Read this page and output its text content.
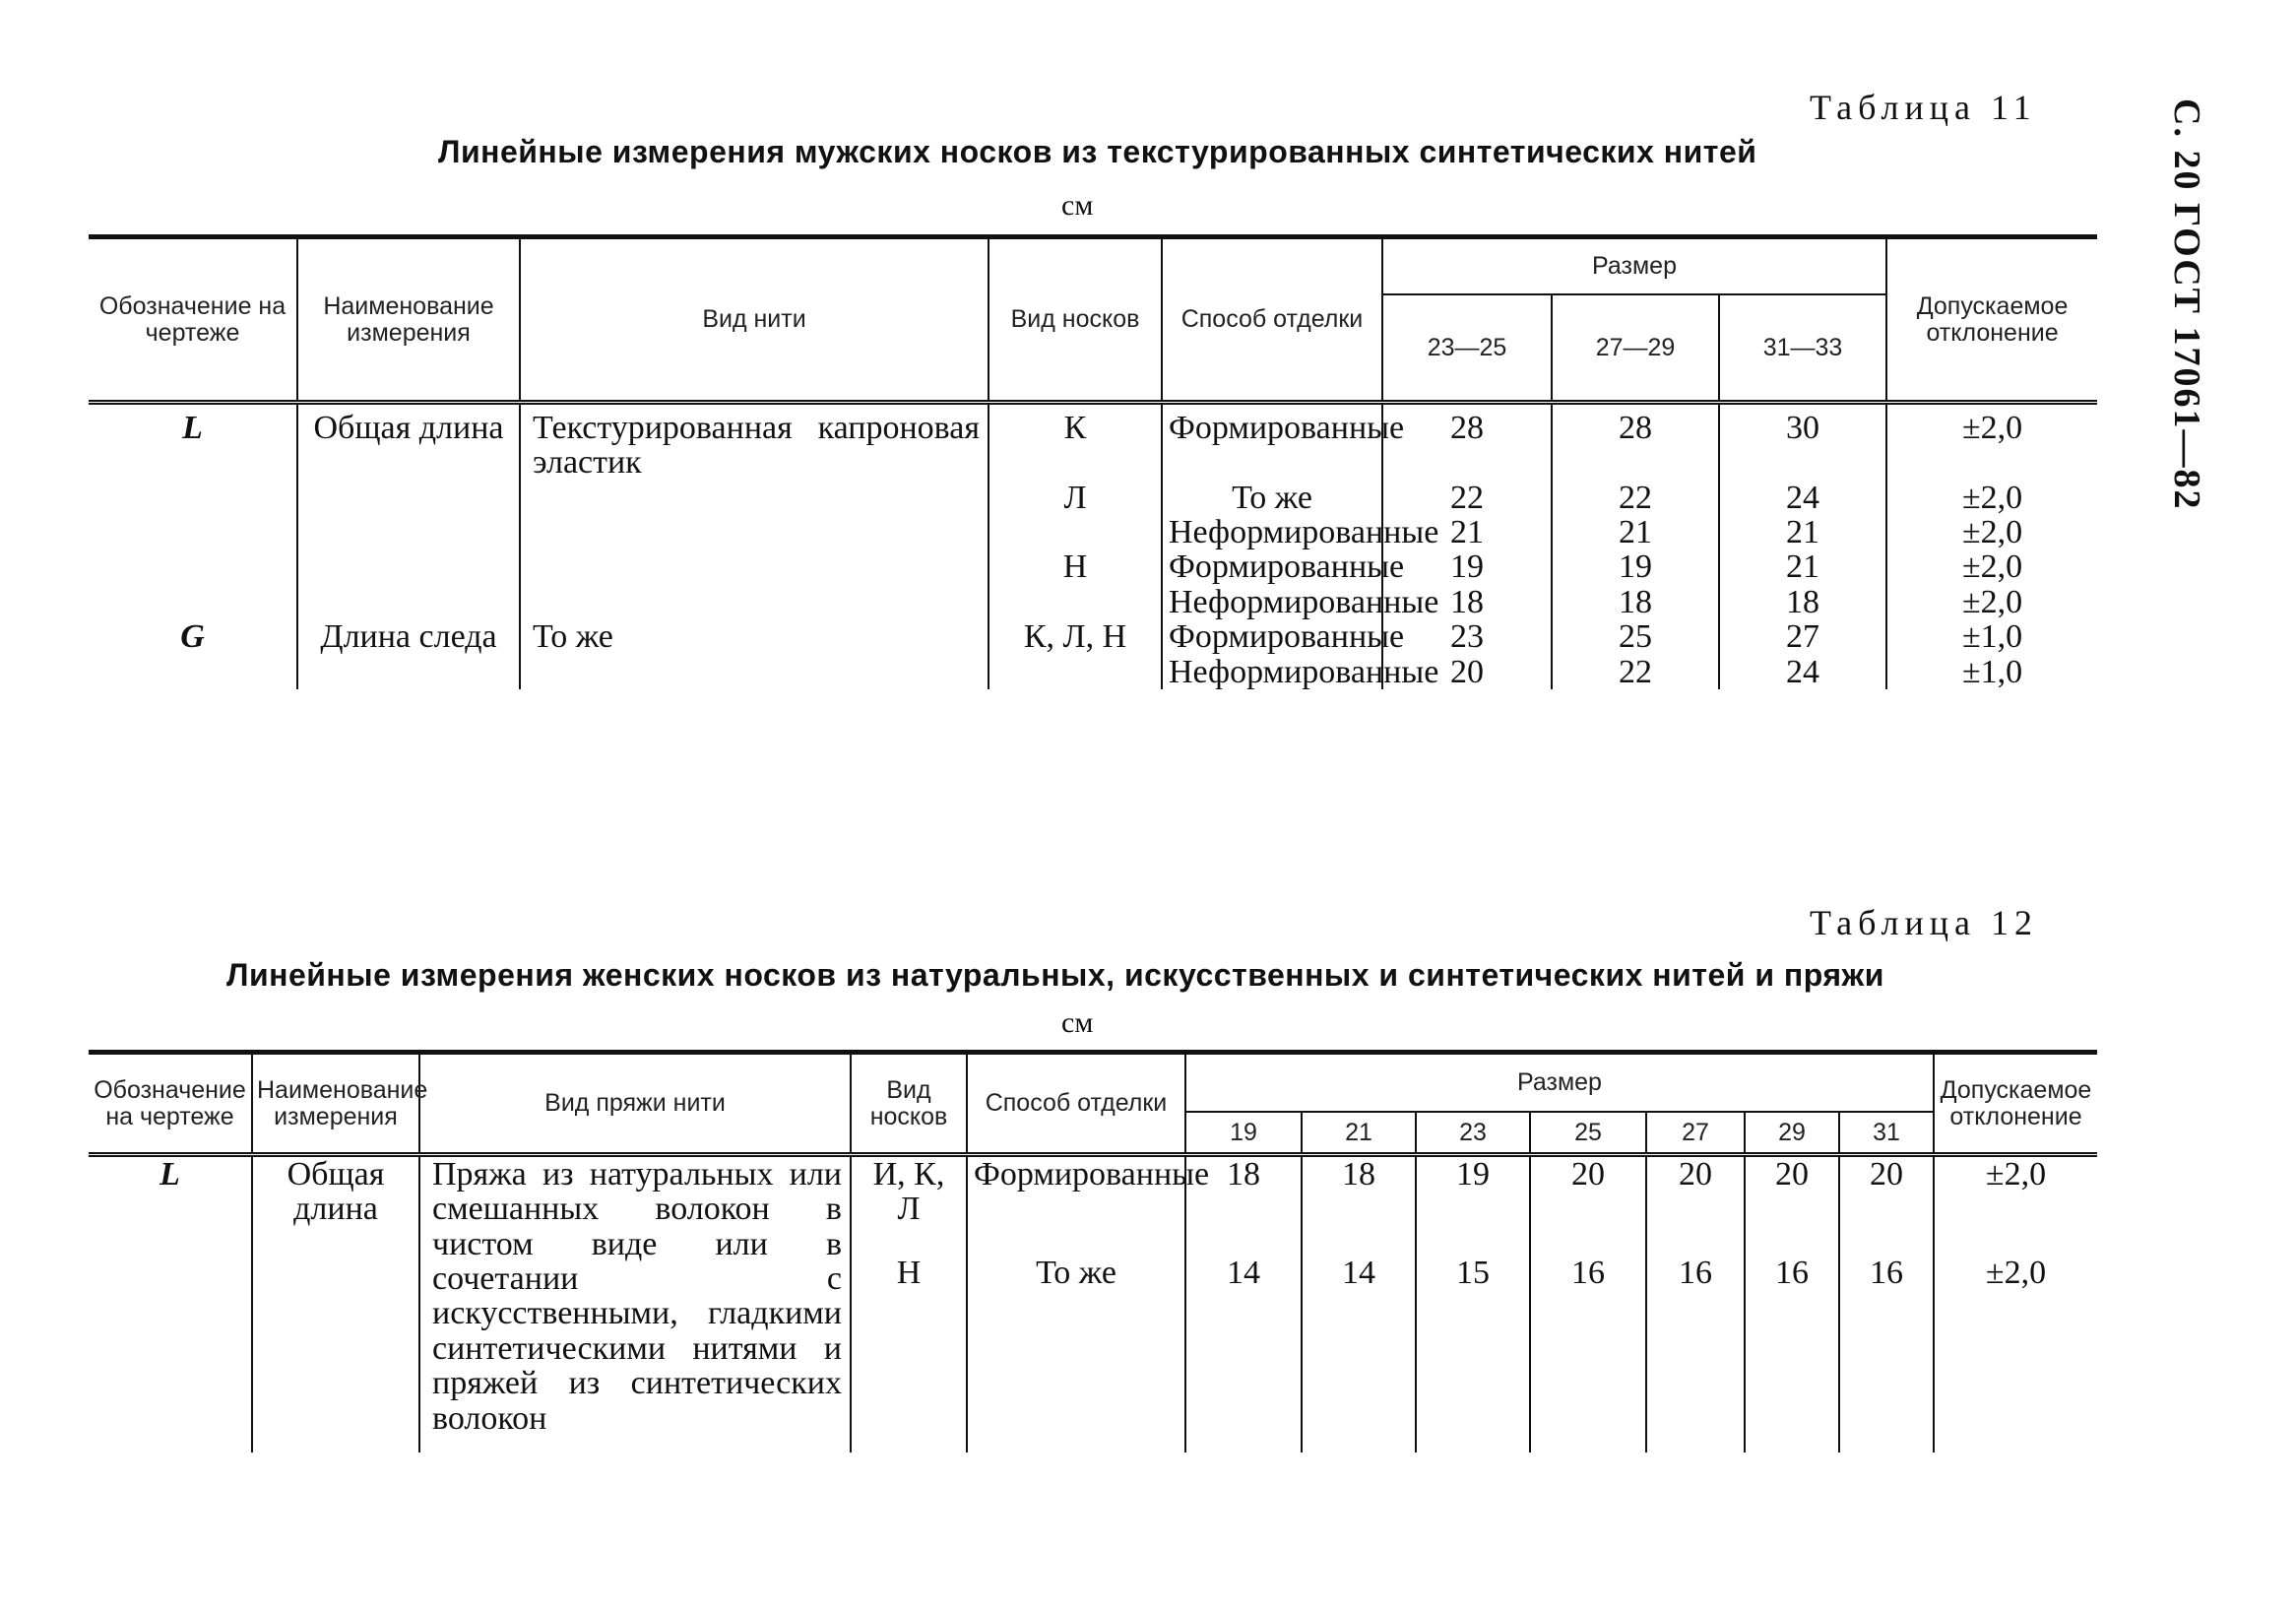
С. 20 ГОСТ 17061—82
Таблица 11
Линейные измерения мужских носков из текстурированных синтетических нитей
см
Обозначение на чертеже	Наименование измерения	Вид нити	Вид носков	Способ отделки	Размер			Допускаемое отклонение
					23—25	27—29	31—33	

L	Общая длина	Текстурированная капроновая эластик	К	Формированные	28	28	30	±2,0
			Л	То же	22	22	24	±2,0
				Неформированные	21	21	21	±2,0
			Н	Формированные	19	19	21	±2,0
				Неформированные	18	18	18	±2,0
G	Длина следа	То же	К, Л, Н	Формированные	23	25	27	±1,0
				Неформированные	20	22	24	±1,0
Таблица 12
Линейные измерения женских носков из натуральных, искусственных и синтетических нитей и пряжи
см
Обозначение на чертеже	Наименование измерения	Вид пряжи нити	Вид носков	Способ отделки	Размер							Допускаемое отклонение
					19	21	23	25	27	29	31	
L	Общая длина	Пряжа из натуральных или смешанных волокон в чистом виде или в сочетании с искусственными, гладкими синтетическими нитями и пряжей из синтетических волокон	И, К, Л	Формированные	18	18	19	20	20	20	20	±2,0
			Н	То же	14	14	15	16	16	16	16	±2,0
